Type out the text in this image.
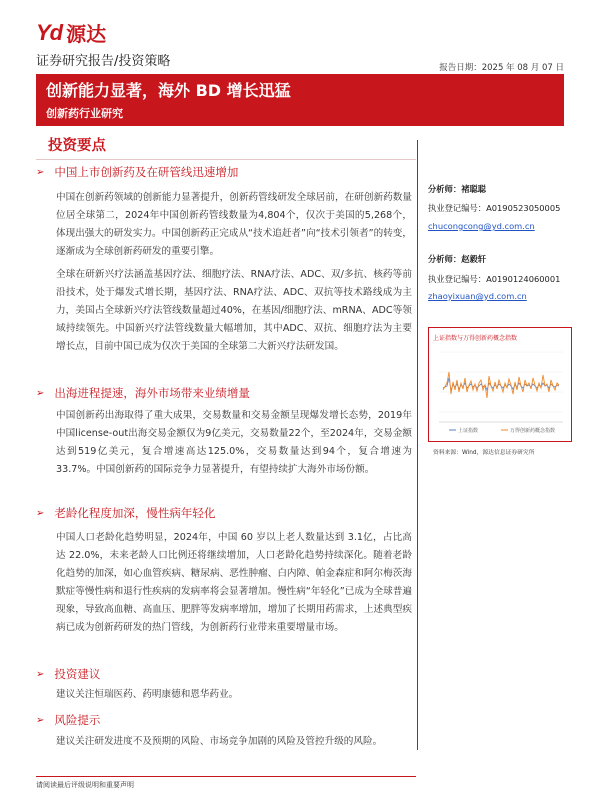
Yd 源达
证券研究报告/投资策略	报告日期：2025 年 08 月 07 日
创新能力显著，海外 BD 增长迅猛
创新药行业研究
投资要点
➢ 中国上市创新药及在研管线迅速增加

中国在创新药领域的创新能力显著提升，创新药管线研发全球居前，在研创新药数量位居全球第二，2024年中国创新药管线数量为4,804个，仅次于美国的5,268个，体现出强大的研发实力。中国创新药正完成从“技术追赶者”向“技术引领者”的转变，逐渐成为全球创新药研发的重要引擎。

全球在研新兴疗法涵盖基因疗法、细胞疗法、RNA疗法、ADC、双/多抗、核药等前沿技术，处于爆发式增长期，基因疗法、RNA疗法、ADC、双抗等技术路线成为主力，美国占全球新兴疗法管线数量超过40%，在基因/细胞疗法、mRNA、ADC等领域持续领先。中国新兴疗法管线数量大幅增加，其中ADC、双抗、细胞疗法为主要增长点，目前中国已成为仅次于美国的全球第二大新兴疗法研发国。

➢ 出海进程提速，海外市场带来业绩增量

中国创新药出海取得了重大成果，交易数量和交易金额呈现爆发增长态势，2019年中国license-out出海交易金额仅为9亿美元，交易数量22个，至2024年，交易金额达到519亿美元，复合增速高达125.0%，交易数量达到94个，复合增速为33.7%。中国创新药的国际竞争力显著提升，有望持续扩大海外市场份额。

➢ 老龄化程度加深，慢性病年轻化

中国人口老龄化趋势明显，2024年，中国 60 岁以上老人数量达到 3.1亿，占比高达 22.0%，未来老龄人口比例还将继续增加，人口老龄化趋势持续深化。随着老龄化趋势的加深，如心血管疾病、糖尿病、恶性肿瘤、白内障、帕金森症和阿尔梅茨海默症等慢性病和退行性疾病的发病率将会显著增加。慢性病“年轻化”已成为全球普遍现象，导致高血糖、高血压、肥胖等发病率增加，增加了长期用药需求，上述典型疾病已成为创新药研发的热门管线，为创新药行业带来重要增量市场。

➢ 投资建议

建议关注恒瑞医药、药明康德和恩华药业。

➢ 风险提示

建议关注研发进度不及预期的风险、市场竞争加剧的风险及管控升级的风险。

分析师：褚聪聪
执业登记编号：A0190523050005
chucongcong@yd.com.cn
分析师：赵毅轩
执业登记编号：A0190124060001
zhaoyixuan@yd.com.cn
上证指数	万得创新药概念指数
上证指数与万得创新药概念指数
资料来源：Wind，源达信息证券研究所
请阅读最后评级说明和重要声明
